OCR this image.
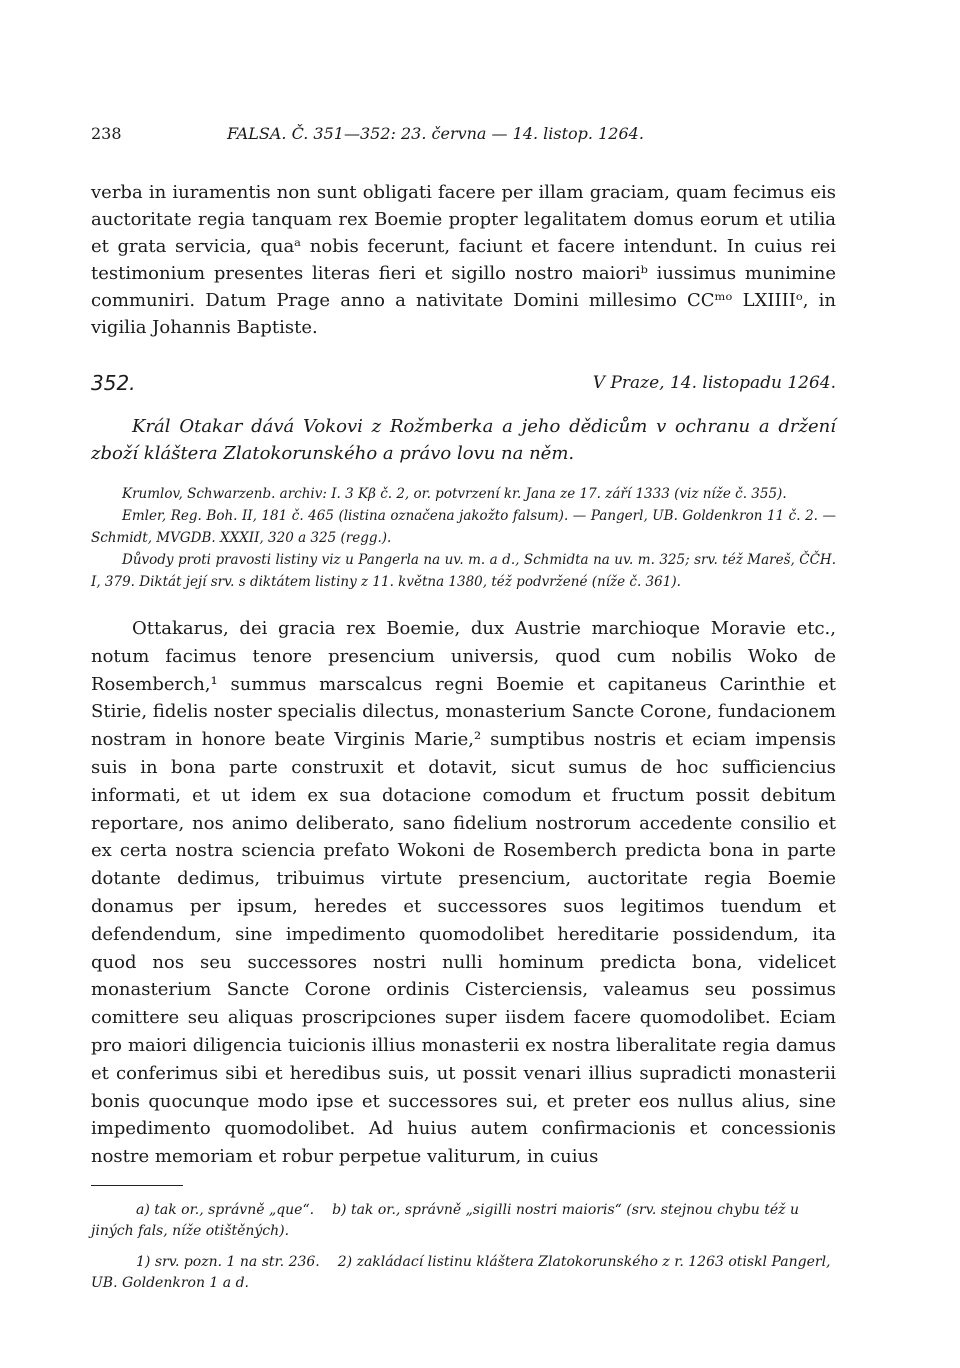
238	FALSA. Č. 351—352: 23. června — 14. listop. 1264.

verba in iuramentis non sunt obligati facere per illam graciam, quam fecimus eis auctoritate regia tanquam rex Boemie propter legalitatem domus eorum et utilia et grata servicia, quaᵃ nobis fecerunt, faciunt et facere intendunt. In cuius rei testimonium presentes literas fieri et sigillo nostro maioriᵇ iussimus munimine communiri. Datum Prage anno a nativitate Domini millesimo CCᵐᵒ LXIIIIᵒ, in vigilia Johannis Baptiste.

352.	V Praze, 14. listopadu 1264.

Král Otakar dává Vokovi z Rožmberka a jeho dědicům v ochranu a držení zboží kláštera Zlatokorunského a právo lovu na něm.

Krumlov, Schwarzenb. archiv: I. 3 Kβ č. 2, or. potvrzení kr. Jana ze 17. září 1333 (viz níže č. 355).

Emler, Reg. Boh. II, 181 č. 465 (listina označena jakožto falsum). — Pangerl, UB. Goldenkron 11 č. 2. — Schmidt, MVGDB. XXXII, 320 a 325 (regg.).

Důvody proti pravosti listiny viz u Pangerla na uv. m. a d., Schmidta na uv. m. 325; srv. též Mareš, ČČH. I, 379. Diktát její srv. s diktátem listiny z 11. května 1380, též podvržené (níže č. 361).

Ottakarus, dei gracia rex Boemie, dux Austrie marchioque Moravie etc., notum facimus tenore presencium universis, quod cum nobilis Woko de Rosemberch,¹ summus marscalcus regni Boemie et capitaneus Carinthie et Stirie, fidelis noster specialis dilectus, monasterium Sancte Corone, fundacionem nostram in honore beate Virginis Marie,² sumptibus nostris et eciam impensis suis in bona parte construxit et dotavit, sicut sumus de hoc sufficiencius informati, et ut idem ex sua dotacione comodum et fructum possit debitum reportare, nos animo deliberato, sano fidelium nostrorum accedente consilio et ex certa nostra sciencia prefato Wokoni de Rosemberch predicta bona in parte dotante dedimus, tribuimus virtute presencium, auctoritate regia Boemie donamus per ipsum, heredes et successores suos legitimos tuendum et defendendum, sine impedimento quomodolibet hereditarie possidendum, ita quod nos seu successores nostri nulli hominum predicta bona, videlicet monasterium Sancte Corone ordinis Cisterciensis, valeamus seu possimus comittere seu aliquas proscripciones super iisdem facere quomodolibet. Eciam pro maiori diligencia tuicionis illius monasterii ex nostra liberalitate regia damus et conferimus sibi et heredibus suis, ut possit venari illius supradicti monasterii bonis quocunque modo ipse et successores sui, et preter eos nullus alius, sine impedimento quomodolibet. Ad huius autem confirmacionis et concessionis nostre memoriam et robur perpetue valiturum, in cuius

a) tak or., správně „que“. b) tak or., správně „sigilli nostri maioris“ (srv. stejnou chybu též u jiných fals, níže otištěných).

1) srv. pozn. 1 na str. 236. 2) zakládací listinu kláštera Zlatokorunského z r. 1263 otiskl Pangerl, UB. Goldenkron 1 a d.
